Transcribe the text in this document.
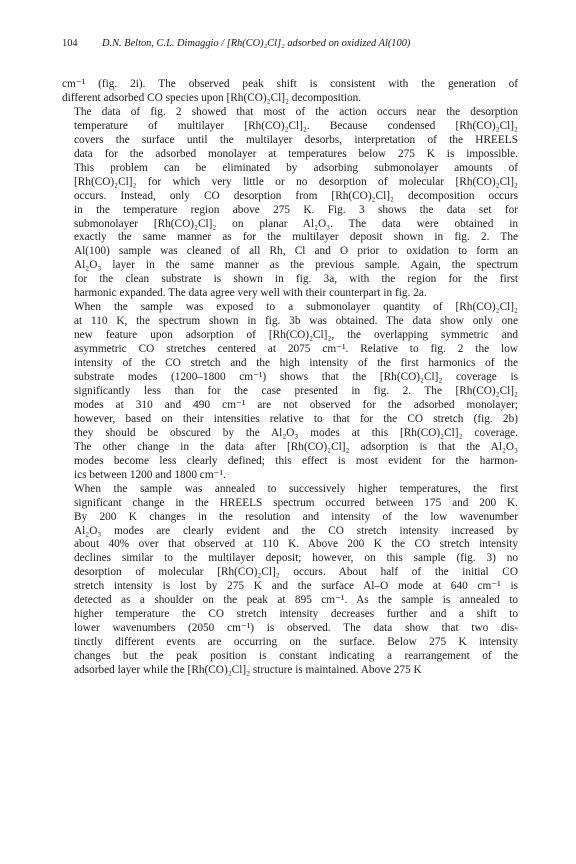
104	D.N. Belton, C.L. Dimaggio / [Rh(CO)₂Cl]₂ adsorbed on oxidized Al(100)
cm⁻¹ (fig. 2i). The observed peak shift is consistent with the generation of
different adsorbed CO species upon [Rh(CO)₂Cl]₂ decomposition.
The data of fig. 2 showed that most of the action occurs near the desorption
temperature of multilayer [Rh(CO)₂Cl]₂. Because condensed [Rh(CO)₂Cl]₂
covers the surface until the multilayer desorbs, interpretation of the HREELS
data for the adsorbed monolayer at temperatures below 275 K is impossible.
This problem can be eliminated by adsorbing submonolayer amounts of
[Rh(CO)₂Cl]₂ for which very little or no desorption of molecular [Rh(CO)₂Cl]₂
occurs. Instead, only CO desorption from [Rh(CO)₂Cl]₂ decomposition occurs
in the temperature region above 275 K. Fig. 3 shows the data set for
submonolayer [Rh(CO)₂Cl]₂ on planar Al₂O₃. The data were obtained in
exactly the same manner as for the multilayer deposit shown in fig. 2. The
Al(100) sample was cleaned of all Rh, Cl and O prior to oxidation to form an
Al₂O₃ layer in the same manner as the previous sample. Again, the spectrum
for the clean substrate is shown in fig. 3a, with the region for the first
harmonic expanded. The data agree very well with their counterpart in fig. 2a.
When the sample was exposed to a submonolayer quantity of [Rh(CO)₂Cl]₂
at 110 K, the spectrum shown in fig. 3b was obtained. The data show only one
new feature upon adsorption of [Rh(CO)₂Cl]₂, the overlapping symmetric and
asymmetric CO stretches centered at 2075 cm⁻¹. Relative to fig. 2 the low
intensity of the CO stretch and the high intensity of the first harmonics of the
substrate modes (1200–1800 cm⁻¹) shows that the [Rh(CO)₂Cl]₂ coverage is
significantly less than for the case presented in fig. 2. The [Rh(CO)₂Cl]₂
modes at 310 and 490 cm⁻¹ are not observed for the adsorbed monolayer;
however, based on their intensities relative to that for the CO stretch (fig. 2b)
they should be obscured by the Al₂O₃ modes at this [Rh(CO)₂Cl]₂ coverage.
The other change in the data after [Rh(CO)₂Cl]₂ adsorption is that the Al₂O₃
modes become less clearly defined; this effect is most evident for the harmon-
ics between 1200 and 1800 cm⁻¹.
When the sample was annealed to successively higher temperatures, the first
significant change in the HREELS spectrum occurred between 175 and 200 K.
By 200 K changes in the resolution and intensity of the low wavenumber
Al₂O₃ modes are clearly evident and the CO stretch intensity increased by
about 40% over that observed at 110 K. Above 200 K the CO stretch intensity
declines similar to the multilayer deposit; however, on this sample (fig. 3) no
desorption of molecular [Rh(CO)₂Cl]₂ occurs. About half of the initial CO
stretch intensity is lost by 275 K and the surface Al–O mode at 640 cm⁻¹ is
detected as a shoulder on the peak at 895 cm⁻¹. As the sample is annealed to
higher temperature the CO stretch intensity decreases further and a shift to
lower wavenumbers (2050 cm⁻¹) is observed. The data show that two dis-
tinctly different events are occurring on the surface. Below 275 K intensity
changes but the peak position is constant indicating a rearrangement of the
adsorbed layer while the [Rh(CO)₂Cl]₂ structure is maintained. Above 275 K
